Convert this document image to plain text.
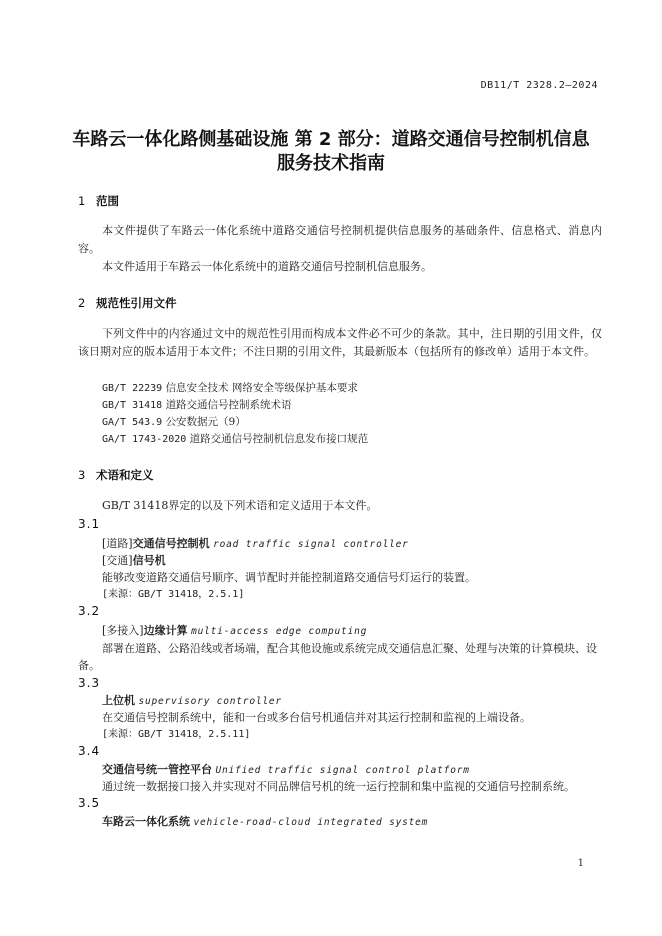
DB11/T 2328.2—2024
车路云一体化路侧基础设施 第 2 部分：道路交通信号控制机信息
服务技术指南
1 范围
本文件提供了车路云一体化系统中道路交通信号控制机提供信息服务的基础条件、信息格式、消息内容。
本文件适用于车路云一体化系统中的道路交通信号控制机信息服务。
2 规范性引用文件
下列文件中的内容通过文中的规范性引用而构成本文件必不可少的条款。其中，注日期的引用文件，仅该日期对应的版本适用于本文件；不注日期的引用文件，其最新版本（包括所有的修改单）适用于本文件。
GB/T 22239 信息安全技术 网络安全等级保护基本要求
GB/T 31418 道路交通信号控制系统术语
GA/T 543.9 公安数据元（9）
GA/T 1743-2020 道路交通信号控制机信息发布接口规范
3 术语和定义
GB/T 31418界定的以及下列术语和定义适用于本文件。
3.1
[道路]交通信号控制机 road traffic signal controller
[交通]信号机
能够改变道路交通信号顺序、调节配时并能控制道路交通信号灯运行的装置。
[来源：GB/T 31418，2.5.1]
3.2
[多接入]边缘计算 multi-access edge computing
部署在道路、公路沿线或者场端，配合其他设施或系统完成交通信息汇聚、处理与决策的计算模块、设备。
3.3
上位机 supervisory controller
在交通信号控制系统中，能和一台或多台信号机通信并对其运行控制和监视的上端设备。
[来源：GB/T 31418，2.5.11]
3.4
交通信号统一管控平台 Unified traffic signal control platform
通过统一数据接口接入并实现对不同品牌信号机的统一运行控制和集中监视的交通信号控制系统。
3.5
车路云一体化系统 vehicle-road-cloud integrated system
1
